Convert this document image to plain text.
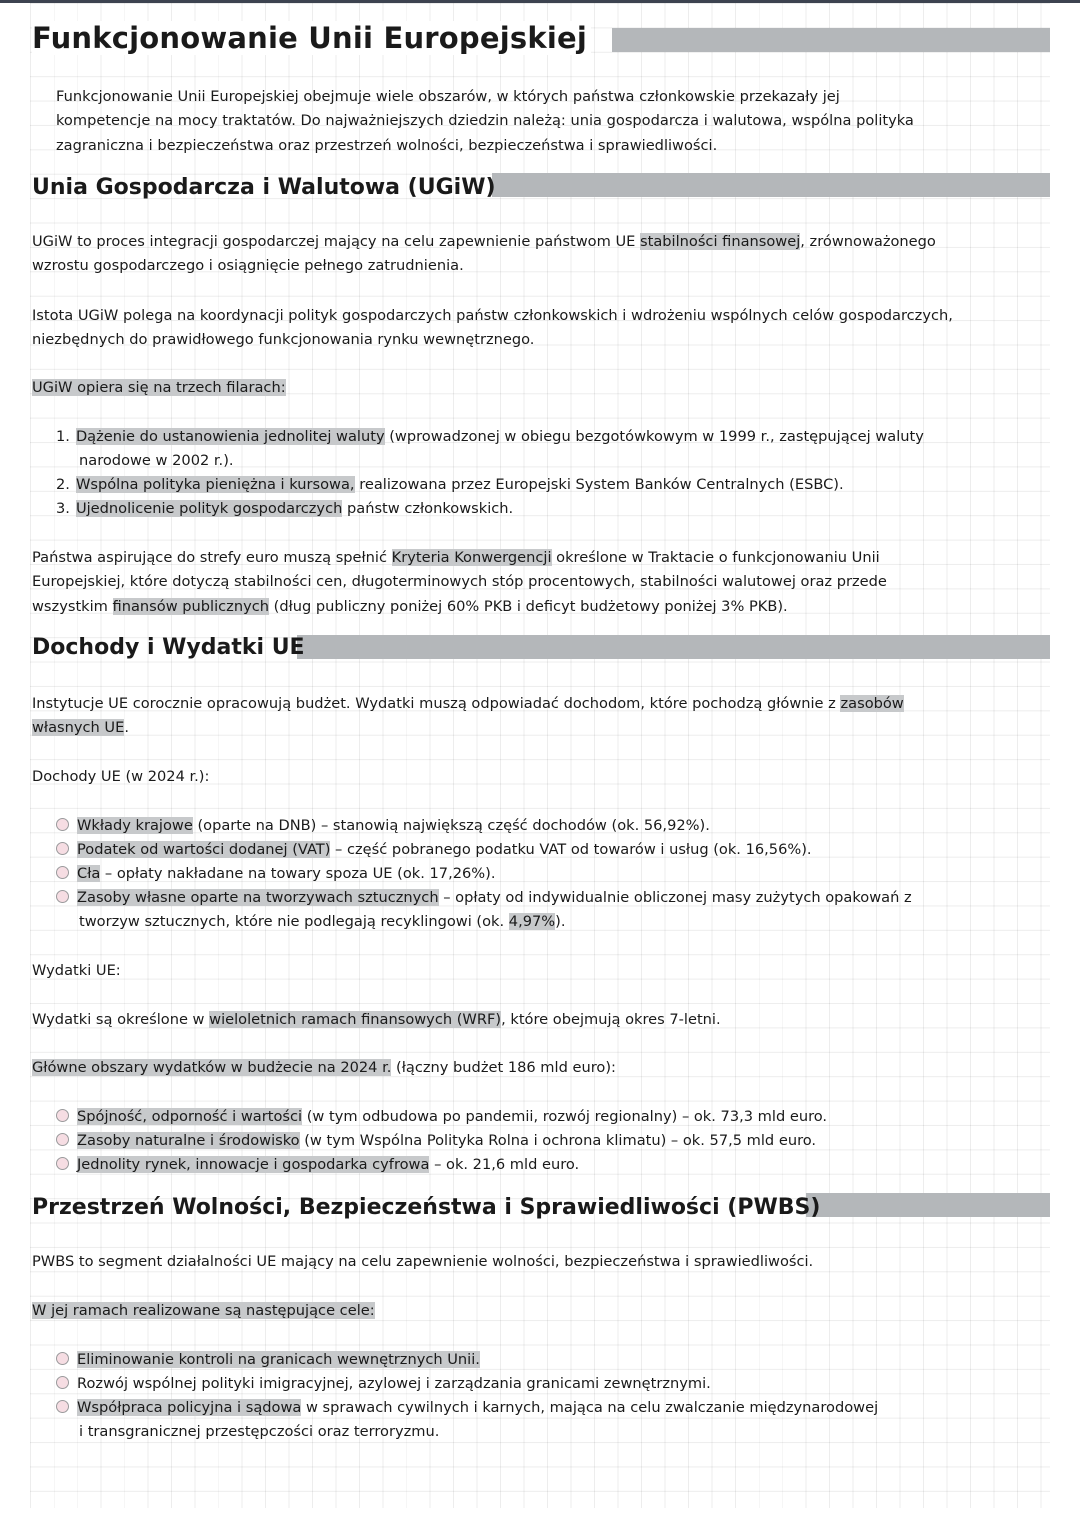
Funkcjonowanie Unii Europejskiej
Funkcjonowanie Unii Europejskiej obejmuje wiele obszarów, w których państwa członkowskie przekazały jej
kompetencje na mocy traktatów. Do najważniejszych dziedzin należą: unia gospodarcza i walutowa, wspólna polityka
zagraniczna i bezpieczeństwa oraz przestrzeń wolności, bezpieczeństwa i sprawiedliwości.
Unia Gospodarcza i Walutowa (UGiW)
UGiW to proces integracji gospodarczej mający na celu zapewnienie państwom UE stabilności finansowej, zrównoważonego
wzrostu gospodarczego i osiągnięcie pełnego zatrudnienia.
Istota UGiW polega na koordynacji polityk gospodarczych państw członkowskich i wdrożeniu wspólnych celów gospodarczych,
niezbędnych do prawidłowego funkcjonowania rynku wewnętrznego.
UGiW opiera się na trzech filarach:
1. Dążenie do ustanowienia jednolitej waluty (wprowadzonej w obiegu bezgotówkowym w 1999 r., zastępującej waluty
narodowe w 2002 r.).
2. Wspólna polityka pieniężna i kursowa, realizowana przez Europejski System Banków Centralnych (ESBC).
3. Ujednolicenie polityk gospodarczych państw członkowskich.
Państwa aspirujące do strefy euro muszą spełnić Kryteria Konwergencji określone w Traktacie o funkcjonowaniu Unii
Europejskiej, które dotyczą stabilności cen, długoterminowych stóp procentowych, stabilności walutowej oraz przede
wszystkim finansów publicznych (dług publiczny poniżej 60% PKB i deficyt budżetowy poniżej 3% PKB).
Dochody i Wydatki UE
Instytucje UE corocznie opracowują budżet. Wydatki muszą odpowiadać dochodom, które pochodzą głównie z zasobów
własnych UE.
Dochody UE (w 2024 r.):
Wkłady krajowe (oparte na DNB) – stanowią największą część dochodów (ok. 56,92%).
Podatek od wartości dodanej (VAT) – część pobranego podatku VAT od towarów i usług (ok. 16,56%).
Cła – opłaty nakładane na towary spoza UE (ok. 17,26%).
Zasoby własne oparte na tworzywach sztucznych – opłaty od indywidualnie obliczonej masy zużytych opakowań z
tworzyw sztucznych, które nie podlegają recyklingowi (ok. 4,97%).
Wydatki UE:
Wydatki są określone w wieloletnich ramach finansowych (WRF), które obejmują okres 7-letni.
Główne obszary wydatków w budżecie na 2024 r. (łączny budżet 186 mld euro):
Spójność, odporność i wartości (w tym odbudowa po pandemii, rozwój regionalny) – ok. 73,3 mld euro.
Zasoby naturalne i środowisko (w tym Wspólna Polityka Rolna i ochrona klimatu) – ok. 57,5 mld euro.
Jednolity rynek, innowacje i gospodarka cyfrowa – ok. 21,6 mld euro.
Przestrzeń Wolności, Bezpieczeństwa i Sprawiedliwości (PWBS)
PWBS to segment działalności UE mający na celu zapewnienie wolności, bezpieczeństwa i sprawiedliwości.
W jej ramach realizowane są następujące cele:
Eliminowanie kontroli na granicach wewnętrznych Unii.
Rozwój wspólnej polityki imigracyjnej, azylowej i zarządzania granicami zewnętrznymi.
Współpraca policyjna i sądowa w sprawach cywilnych i karnych, mająca na celu zwalczanie międzynarodowej
i transgranicznej przestępczości oraz terroryzmu.
